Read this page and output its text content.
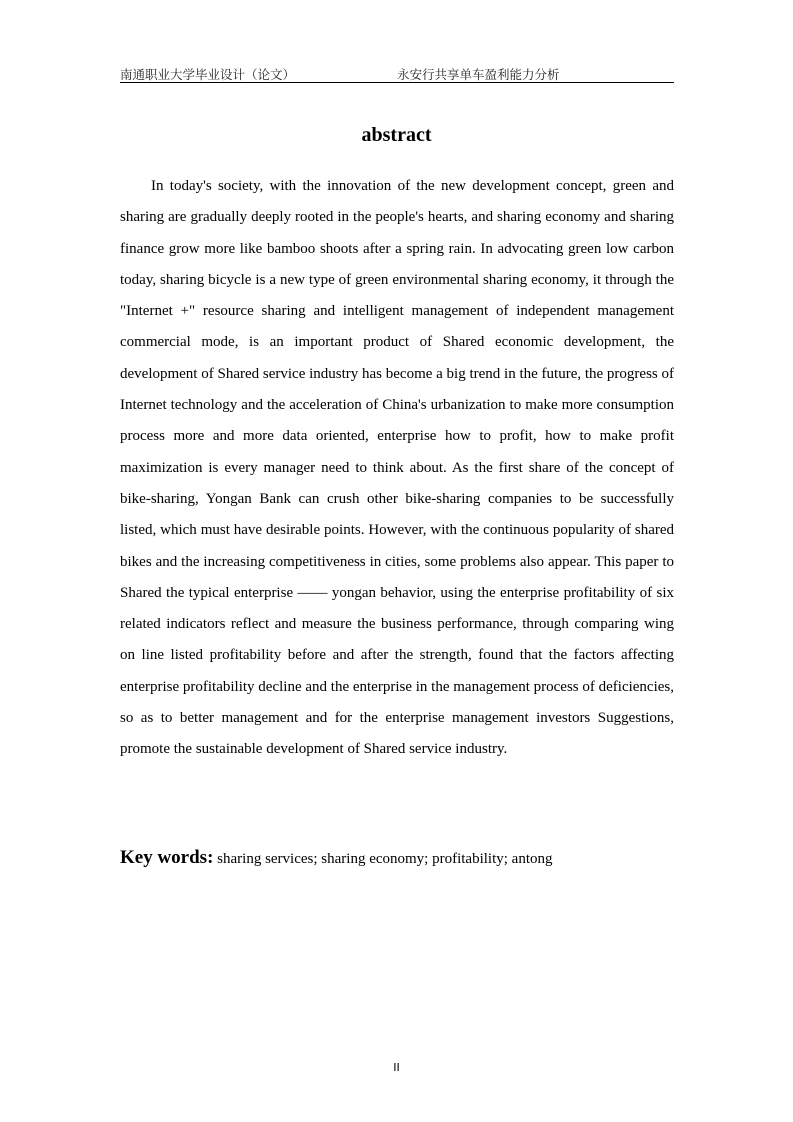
南通职业大学毕业设计（论文）	永安行共享单车盈利能力分析
abstract

In today's society, with the innovation of the new development concept, green and sharing are gradually deeply rooted in the people's hearts, and sharing economy and sharing finance grow more like bamboo shoots after a spring rain. In advocating green low carbon today, sharing bicycle is a new type of green environmental sharing economy, it through the "Internet +" resource sharing and intelligent management of independent management commercial mode, is an important product of Shared economic development, the development of Shared service industry has become a big trend in the future, the progress of Internet technology and the acceleration of China's urbanization to make more consumption process more and more data oriented, enterprise how to profit, how to make profit maximization is every manager need to think about. As the first share of the concept of bike-sharing, Yongan Bank can crush other bike-sharing companies to be successfully listed, which must have desirable points. However, with the continuous popularity of shared bikes and the increasing competitiveness in cities, some problems also appear. This paper to Shared the typical enterprise —— yongan behavior, using the enterprise profitability of six related indicators reflect and measure the business performance, through comparing wing on line listed profitability before and after the strength, found that the factors affecting enterprise profitability decline and the enterprise in the management process of deficiencies, so as to better management and for the enterprise management investors Suggestions, promote the sustainable development of Shared service industry.

Key words: sharing services; sharing economy; profitability; antong
II
